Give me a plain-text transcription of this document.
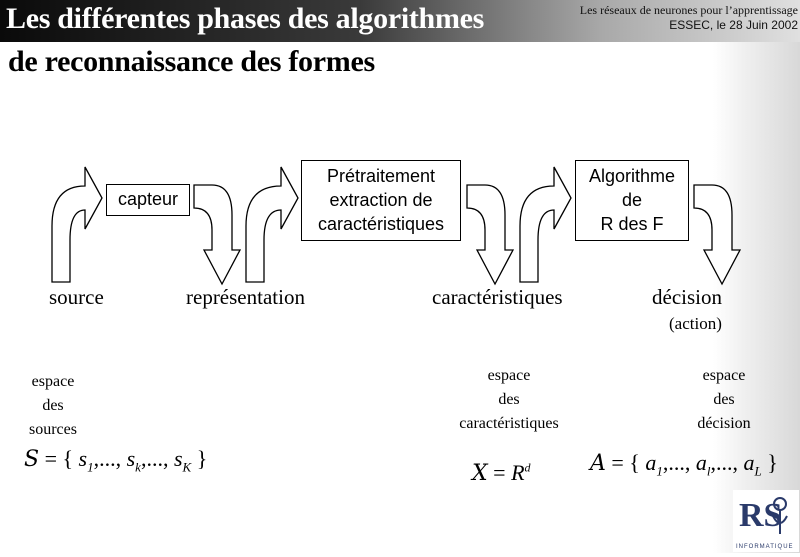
Les différentes phases des algorithmes
de reconnaissance des formes
Les réseaux de neurones pour l’apprentissage
ESSEC, le 28 Juin 2002
capteur
Prétraitement
extraction de
caractéristiques
Algorithme
de
R des F
source	représentation	caractéristiques	décision
(action)
espace
des
sources
espace
des
caractéristiques
espace
des
décision
S = { $s_1$,..., $s_k$,..., $s_K$ }
$X = R^d$	A = { $a_1$,..., $a_l$,..., $a_L$ }
RS
INFORMATIQUE
